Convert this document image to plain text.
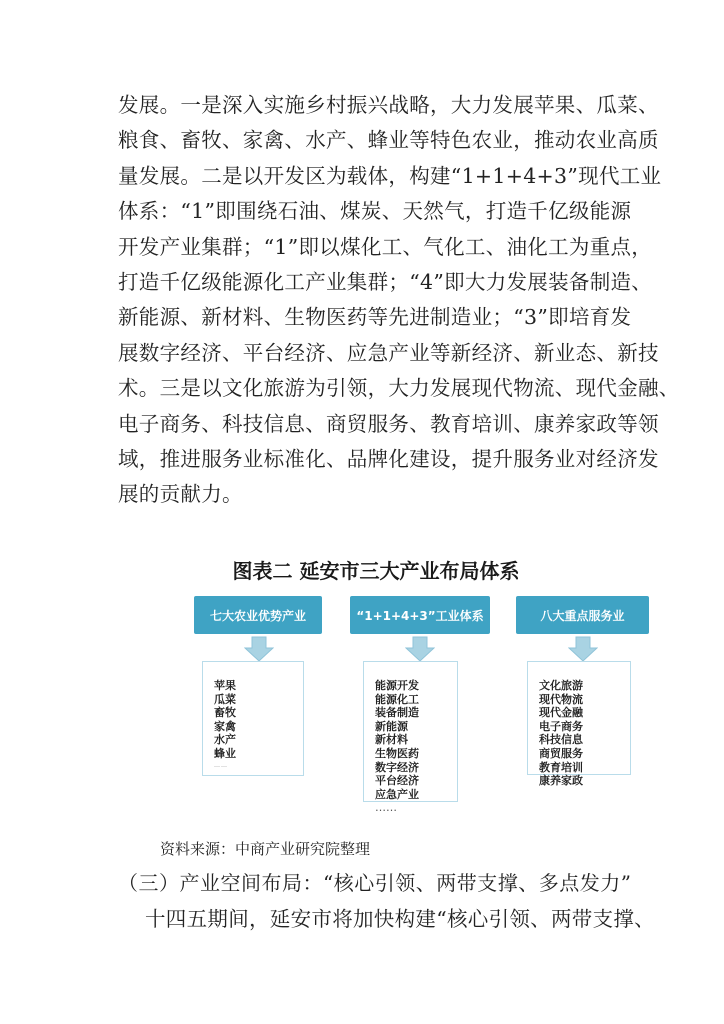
发展。一是深入实施乡村振兴战略，大力发展苹果、瓜菜、
粮食、畜牧、家禽、水产、蜂业等特色农业，推动农业高质
量发展。二是以开发区为载体，构建“1+1+4+3”现代工业
体系：“1”即围绕石油、煤炭、天然气，打造千亿级能源
开发产业集群；“1”即以煤化工、气化工、油化工为重点，
打造千亿级能源化工产业集群；“4”即大力发展装备制造、
新能源、新材料、生物医药等先进制造业；“3”即培育发
展数字经济、平台经济、应急产业等新经济、新业态、新技
术。三是以文化旅游为引领，大力发展现代物流、现代金融、
电子商务、科技信息、商贸服务、教育培训、康养家政等领
域，推进服务业标准化、品牌化建设，提升服务业对经济发
展的贡献力。
图表二 延安市三大产业布局体系
七大农业优势产业
苹果
瓜菜
畜牧
家禽
水产
蜂业
……
“1+1+4+3”工业体系
能源开发
能源化工
装备制造
新能源
新材料
生物医药
数字经济
平台经济
应急产业
……
八大重点服务业
文化旅游
现代物流
现代金融
电子商务
科技信息
商贸服务
教育培训
康养家政
资料来源：中商产业研究院整理
（三）产业空间布局：“核心引领、两带支撑、多点发力”
十四五期间，延安市将加快构建“核心引领、两带支撑、
